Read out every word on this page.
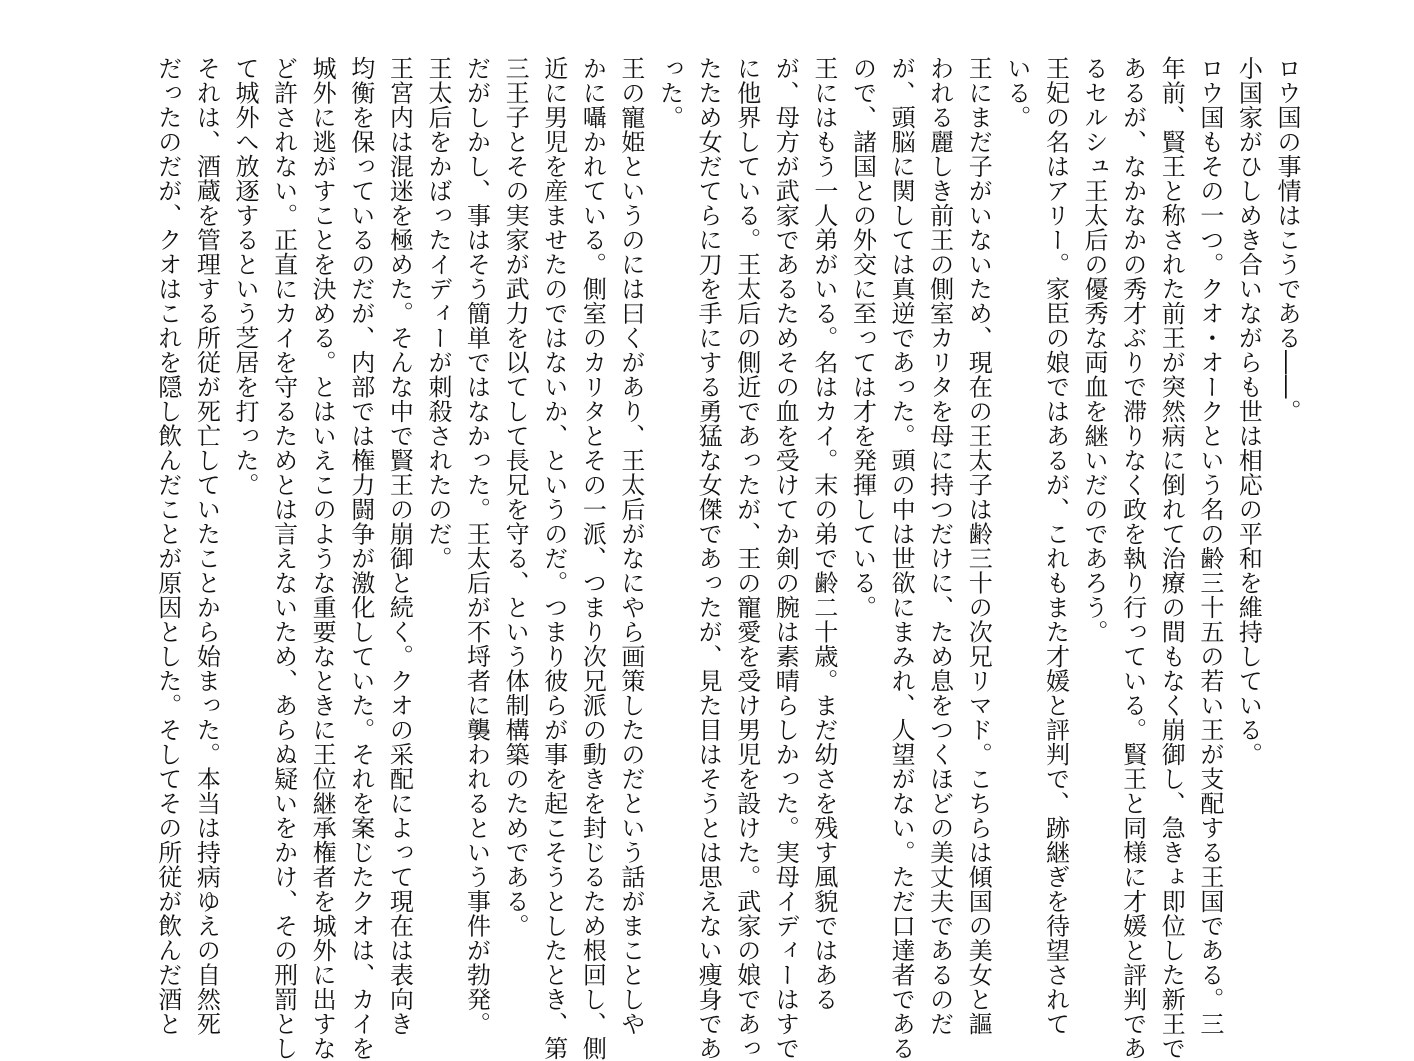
ロウ国の事情はこうである――。
小国家がひしめき合いながらも世は相応の平和を維持している。
ロウ国もその一つ。クオ・オークという名の齢三十五の若い王が支配する王国である。三
年前、賢王と称された前王が突然病に倒れて治療の間もなく崩御し、急きょ即位した新王で
あるが、なかなかの秀才ぶりで滞りなく政を執り行っている。賢王と同様に才媛と評判であ
るセルシュ王太后の優秀な両血を継いだのであろう。
王妃の名はアリー。家臣の娘ではあるが、これもまた才媛と評判で、跡継ぎを待望されて
いる。
王にまだ子がいないため、現在の王太子は齢三十の次兄リマド。こちらは傾国の美女と謳
われる麗しき前王の側室カリタを母に持つだけに、ため息をつくほどの美丈夫であるのだ
が、頭脳に関しては真逆であった。頭の中は世欲にまみれ、人望がない。ただ口達者である
ので、諸国との外交に至っては才を発揮している。
王にはもう一人弟がいる。名はカイ。末の弟で齢二十歳。まだ幼さを残す風貌ではある
が、母方が武家であるためその血を受けてか剣の腕は素晴らしかった。実母イディーはすで
に他界している。王太后の側近であったが、王の寵愛を受け男児を設けた。武家の娘であっ
たため女だてらに刀を手にする勇猛な女傑であったが、見た目はそうとは思えない痩身であ
った。
王の寵姫というのには曰くがあり、王太后がなにやら画策したのだという話がまことしや
かに囁かれている。側室のカリタとその一派、つまり次兄派の動きを封じるため根回し、側
近に男児を産ませたのではないか、というのだ。つまり彼らが事を起こそうとしたとき、第
三王子とその実家が武力を以てして長兄を守る、という体制構築のためである。
だがしかし、事はそう簡単ではなかった。王太后が不埒者に襲われるという事件が勃発。
王太后をかばったイディーが刺殺されたのだ。
王宮内は混迷を極めた。そんな中で賢王の崩御と続く。クオの采配によって現在は表向き
均衡を保っているのだが、内部では権力闘争が激化していた。それを案じたクオは、カイを
城外に逃がすことを決める。とはいえこのような重要なときに王位継承権者を城外に出すな
ど許されない。正直にカイを守るためとは言えないため、あらぬ疑いをかけ、その刑罰とし
て城外へ放逐するという芝居を打った。
それは、酒蔵を管理する所従が死亡していたことから始まった。本当は持病ゆえの自然死
だったのだが、クオはこれを隠し飲んだことが原因とした。そしてその所従が飲んだ酒と
